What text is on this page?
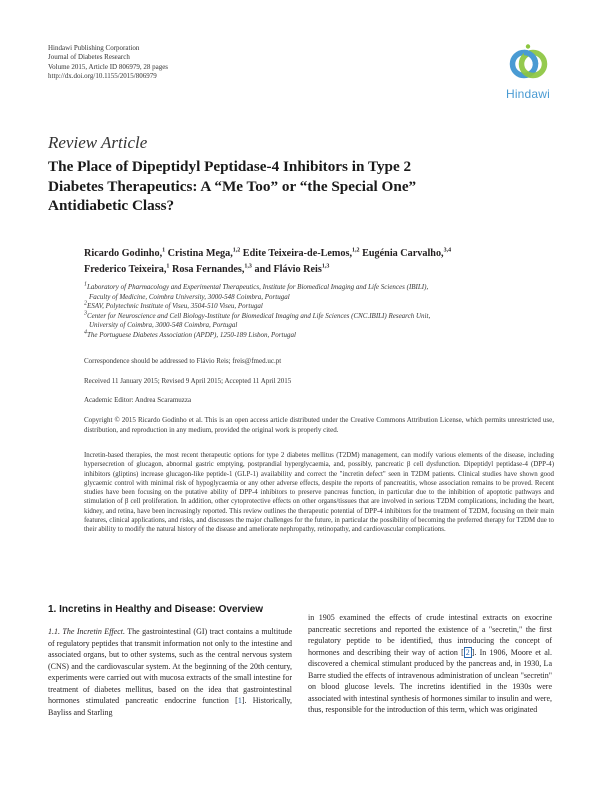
Hindawi Publishing Corporation
Journal of Diabetes Research
Volume 2015, Article ID 806979, 28 pages
http://dx.doi.org/10.1155/2015/806979
Hindawi
Review Article
The Place of Dipeptidyl Peptidase-4 Inhibitors in Type 2
Diabetes Therapeutics: A “Me Too” or “the Special One”
Antidiabetic Class?
Ricardo Godinho,$^1$ Cristina Mega,$^{1,2}$ Edite Teixeira-de-Lemos,$^{1,2}$ Eugénia Carvalho,$^{3,4}$
Frederico Teixeira,$^1$ Rosa Fernandes,$^{1,3}$ and Flávio Reis$^{1,3}$
$^1$Laboratory of Pharmacology and Experimental Therapeutics, Institute for Biomedical Imaging and Life Sciences (IBILI),
Faculty of Medicine, Coimbra University, 3000-548 Coimbra, Portugal
$^2$ESAV, Polytechnic Institute of Viseu, 3504-510 Viseu, Portugal
$^3$Center for Neuroscience and Cell Biology-Institute for Biomedical Imaging and Life Sciences (CNC.IBILI) Research Unit,
University of Coimbra, 3000-548 Coimbra, Portugal
$^4$The Portuguese Diabetes Association (APDP), 1250-189 Lisbon, Portugal
Correspondence should be addressed to Flávio Reis; freis@fmed.uc.pt
Received 11 January 2015; Revised 9 April 2015; Accepted 11 April 2015
Academic Editor: Andrea Scaramuzza
Copyright © 2015 Ricardo Godinho et al. This is an open access article distributed under the Creative Commons Attribution License, which permits unrestricted use, distribution, and reproduction in any medium, provided the original work is properly cited.
Incretin-based therapies, the most recent therapeutic options for type 2 diabetes mellitus (T2DM) management, can modify various elements of the disease, including hypersecretion of glucagon, abnormal gastric emptying, postprandial hyperglycaemia, and, possibly, pancreatic β cell dysfunction. Dipeptidyl peptidase-4 (DPP-4) inhibitors (gliptins) increase glucagon-like peptide-1 (GLP-1) availability and correct the "incretin defect" seen in T2DM patients. Clinical studies have shown good glycaemic control with minimal risk of hypoglycaemia or any other adverse effects, despite the reports of pancreatitis, whose association remains to be proved. Recent studies have been focusing on the putative ability of DPP-4 inhibitors to preserve pancreas function, in particular due to the inhibition of apoptotic pathways and stimulation of β cell proliferation. In addition, other cytoprotective effects on other organs/tissues that are involved in serious T2DM complications, including the heart, kidney, and retina, have been increasingly reported. This review outlines the therapeutic potential of DPP-4 inhibitors for the treatment of T2DM, focusing on their main features, clinical applications, and risks, and discusses the major challenges for the future, in particular the possibility of becoming the preferred therapy for T2DM due to their ability to modify the natural history of the disease and ameliorate nephropathy, retinopathy, and cardiovascular complications.
1. Incretins in Healthy and Disease: Overview
1.1. The Incretin Effect. The gastrointestinal (GI) tract contains a multitude of regulatory peptides that transmit information not only to the intestine and associated organs, but to other systems, such as the central nervous system (CNS) and the cardiovascular system. At the beginning of the 20th century, experiments were carried out with mucosa extracts of the small intestine for treatment of diabetes mellitus, based on the idea that gastrointestinal hormones stimulated pancreatic endocrine function [1]. Historically, Bayliss and Starling
in 1905 examined the effects of crude intestinal extracts on exocrine pancreatic secretions and reported the existence of a "secretin," the first regulatory peptide to be identified, thus introducing the concept of hormones and describing their way of action [ 2 ]. In 1906, Moore et al. discovered a chemical stimulant produced by the pancreas and, in 1930, La Barre studied the effects of intravenous administration of unclean "secretin" on blood glucose levels. The incretins identified in the 1930s were associated with intestinal synthesis of hormones similar to insulin and were, thus, responsible for the introduction of this term, which was originated
